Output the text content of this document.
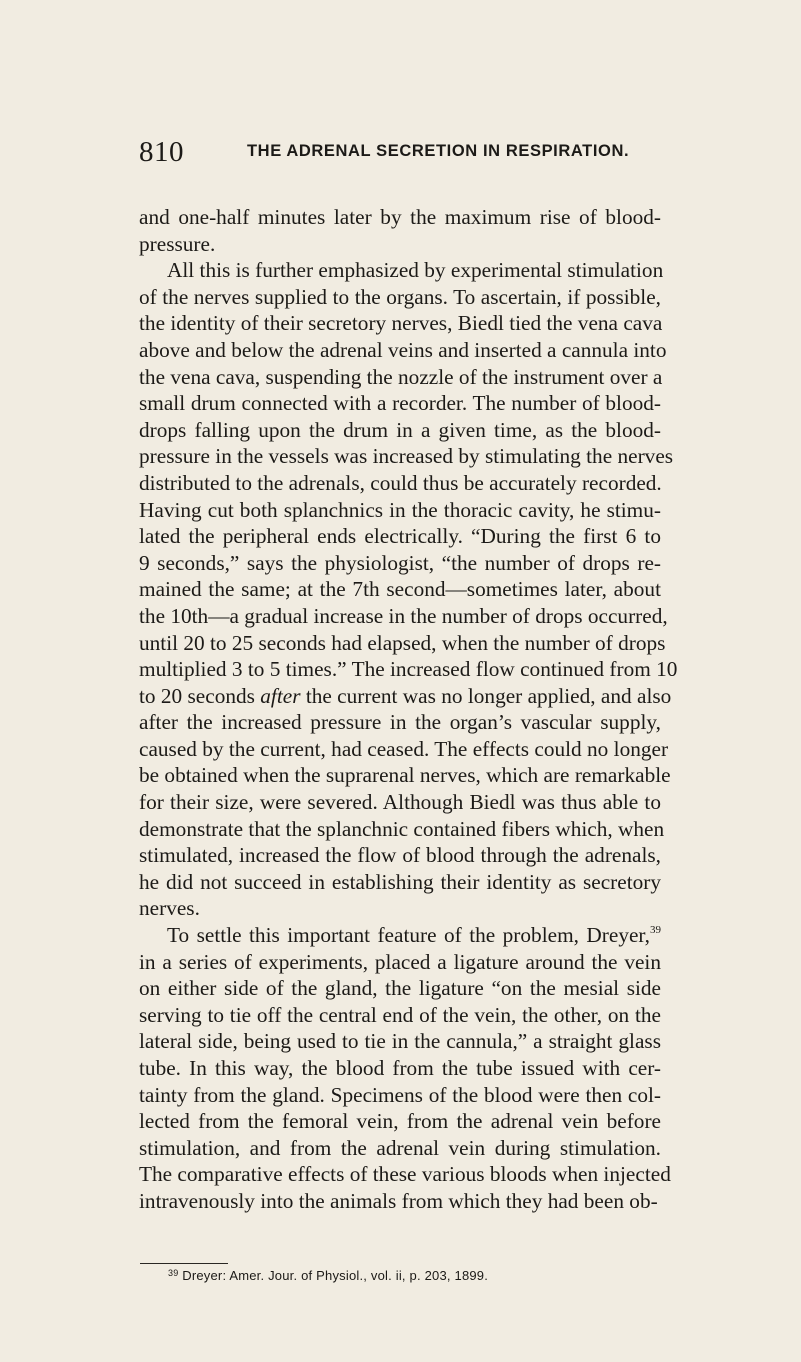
810	THE ADRENAL SECRETION IN RESPIRATION.
and one-half minutes later by the maximum rise of blood-
pressure.
All this is further emphasized by experimental stimulation
of the nerves supplied to the organs. To ascertain, if possible,
the identity of their secretory nerves, Biedl tied the vena cava
above and below the adrenal veins and inserted a cannula into
the vena cava, suspending the nozzle of the instrument over a
small drum connected with a recorder. The number of blood-
drops falling upon the drum in a given time, as the blood-
pressure in the vessels was increased by stimulating the nerves
distributed to the adrenals, could thus be accurately recorded.
Having cut both splanchnics in the thoracic cavity, he stimu-
lated the peripheral ends electrically. “During the first 6 to
9 seconds,” says the physiologist, “the number of drops re-
mained the same; at the 7th second—sometimes later, about
the 10th—a gradual increase in the number of drops occurred,
until 20 to 25 seconds had elapsed, when the number of drops
multiplied 3 to 5 times.” The increased flow continued from 10
to 20 seconds after the current was no longer applied, and also
after the increased pressure in the organ’s vascular supply,
caused by the current, had ceased. The effects could no longer
be obtained when the suprarenal nerves, which are remarkable
for their size, were severed. Although Biedl was thus able to
demonstrate that the splanchnic contained fibers which, when
stimulated, increased the flow of blood through the adrenals,
he did not succeed in establishing their identity as secretory
nerves.
To settle this important feature of the problem, Dreyer,$^{39}$
in a series of experiments, placed a ligature around the vein
on either side of the gland, the ligature “on the mesial side
serving to tie off the central end of the vein, the other, on the
lateral side, being used to tie in the cannula,” a straight glass
tube. In this way, the blood from the tube issued with cer-
tainty from the gland. Specimens of the blood were then col-
lected from the femoral vein, from the adrenal vein before
stimulation, and from the adrenal vein during stimulation.
The comparative effects of these various bloods when injected
intravenously into the animals from which they had been ob-
$^{39}$ Dreyer: Amer. Jour. of Physiol., vol. ii, p. 203, 1899.
